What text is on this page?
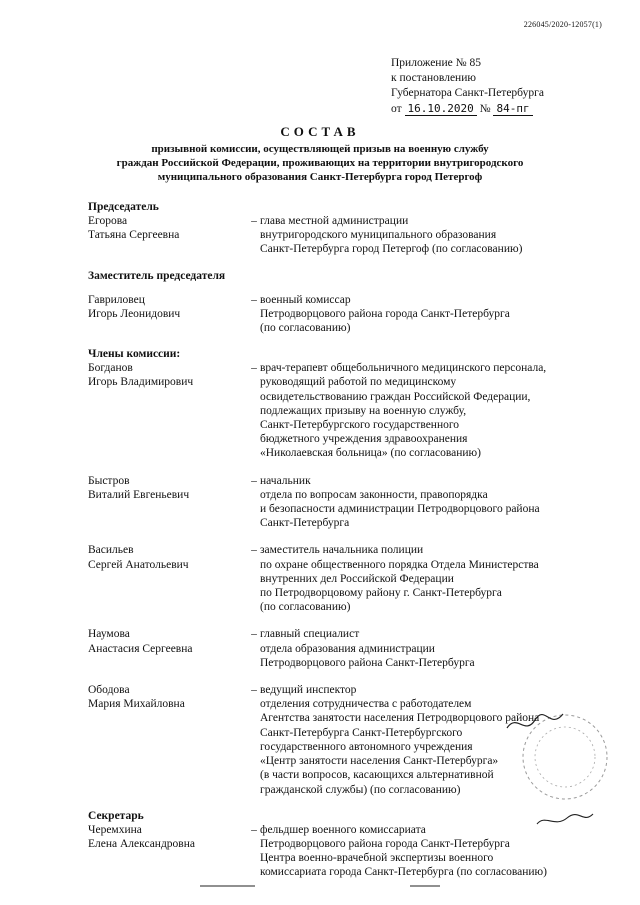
226045/2020-12057(1)
Приложение № 85
к постановлению
Губернатора Санкт-Петербурга
от 16.10.2020 № 84-пг
СОСТАВ
призывной комиссии, осуществляющей призыв на военную службу
граждан Российской Федерации, проживающих на территории внутригородского
муниципального образования Санкт-Петербурга город Петергоф
Председатель
Егорова
Татьяна Сергеевна
– глава местной администрации
внутригородского муниципального образования
Санкт-Петербурга город Петергоф (по согласованию)
Заместитель председателя
Гавриловец
Игорь Леонидович
– военный комиссар
Петродворцового района города Санкт-Петербурга
(по согласованию)
Члены комиссии:
Богданов
Игорь Владимирович
– врач-терапевт общебольничного медицинского персонала,
руководящий работой по медицинскому
освидетельствованию граждан Российской Федерации,
подлежащих призыву на военную службу,
Санкт-Петербургского государственного
бюджетного учреждения здравоохранения
«Николаевская больница» (по согласованию)
Быстров
Виталий Евгеньевич
– начальник
отдела по вопросам законности, правопорядка
и безопасности администрации Петродворцового района
Санкт-Петербурга
Васильев
Сергей Анатольевич
– заместитель начальника полиции
по охране общественного порядка Отдела Министерства
внутренних дел Российской Федерации
по Петродворцовому району г. Санкт-Петербурга
(по согласованию)
Наумова
Анастасия Сергеевна
– главный специалист
отдела образования администрации
Петродворцового района Санкт-Петербурга
Ободова
Мария Михайловна
– ведущий инспектор
отделения сотрудничества с работодателем
Агентства занятости населения Петродворцового района
Санкт-Петербурга Санкт-Петербургского
государственного автономного учреждения
«Центр занятости населения Санкт-Петербурга»
(в части вопросов, касающихся альтернативной
гражданской службы) (по согласованию)
Секретарь
Черемхина
Елена Александровна
– фельдшер военного комиссариата
Петродворцового района города Санкт-Петербурга
Центра военно-врачебной экспертизы военного
комиссариата города Санкт-Петербурга (по согласованию)
